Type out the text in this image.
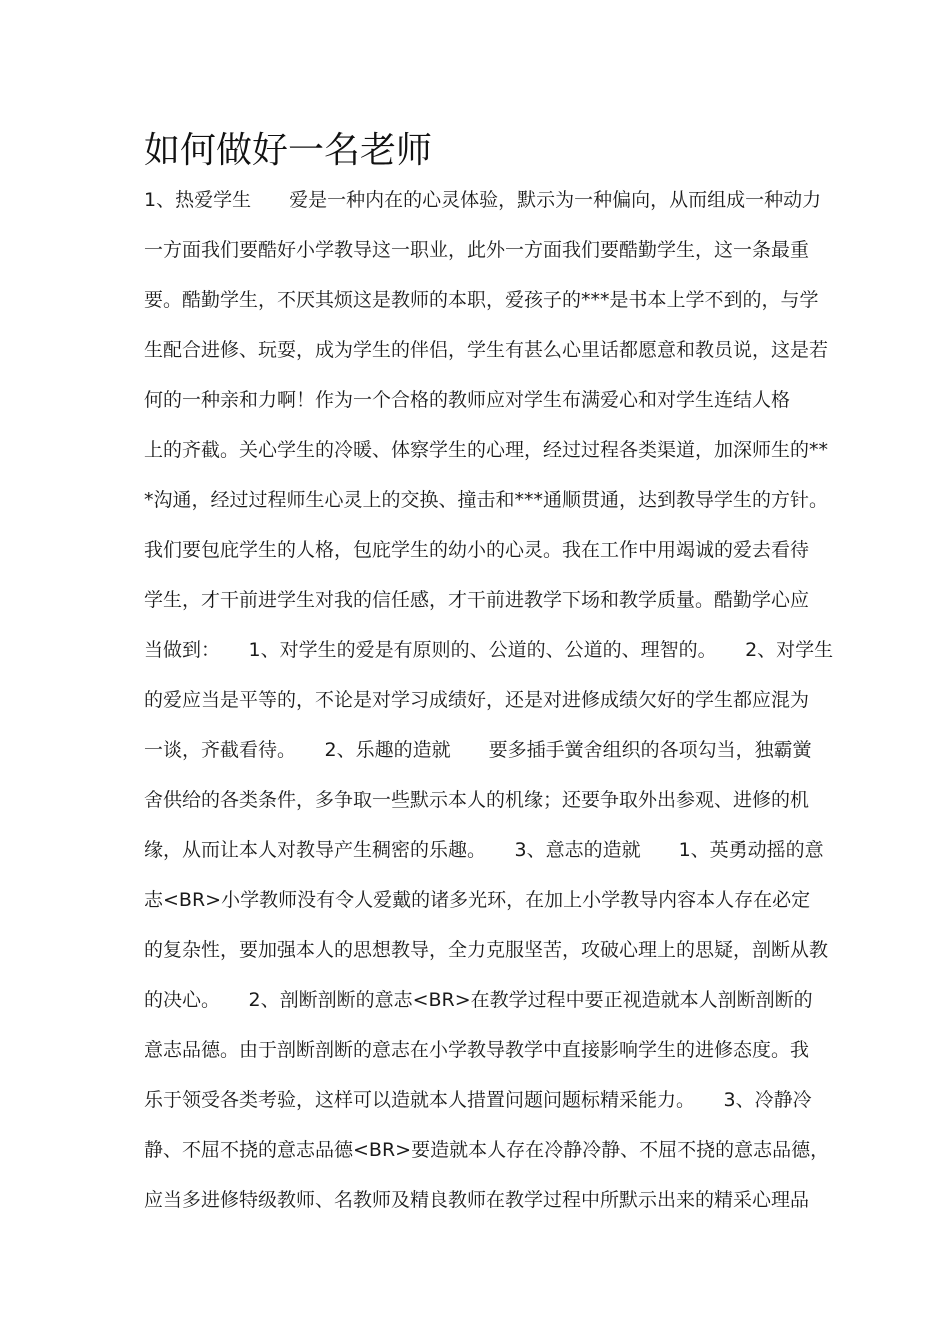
如何做好一名老师
1、热爱学生　　爱是一种内在的心灵体验，默示为一种偏向，从而组成一种动力
一方面我们要酷好小学教导这一职业，此外一方面我们要酷勤学生，这一条最重
要。酷勤学生，不厌其烦这是教师的本职，爱孩子的***是书本上学不到的，与学
生配合进修、玩耍，成为学生的伴侣，学生有甚么心里话都愿意和教员说，这是若
何的一种亲和力啊！作为一个合格的教师应对学生布满爱心和对学生连结人格
上的齐截。关心学生的冷暖、体察学生的心理，经过过程各类渠道，加深师生的**
*沟通，经过过程师生心灵上的交换、撞击和***通顺贯通，达到教导学生的方针。
我们要包庇学生的人格，包庇学生的幼小的心灵。我在工作中用竭诚的爱去看待
学生，才干前进学生对我的信任感，才干前进教学下场和教学质量。酷勤学心应
当做到：　　1、对学生的爱是有原则的、公道的、公道的、理智的。　　2、对学生
的爱应当是平等的，不论是对学习成绩好，还是对进修成绩欠好的学生都应混为
一谈，齐截看待。　　2、乐趣的造就　　要多插手黉舍组织的各项勾当，独霸黉
舍供给的各类条件，多争取一些默示本人的机缘；还要争取外出参观、进修的机
缘，从而让本人对教导产生稠密的乐趣。　　3、意志的造就　　1、英勇动摇的意
志<BR>小学教师没有令人爱戴的诸多光环，在加上小学教导内容本人存在必定
的复杂性，要加强本人的思想教导，全力克服坚苦，攻破心理上的思疑，剖断从教
的决心。　　2、剖断剖断的意志<BR>在教学过程中要正视造就本人剖断剖断的
意志品德。由于剖断剖断的意志在小学教导教学中直接影响学生的进修态度。我
乐于领受各类考验，这样可以造就本人措置问题问题标精采能力。　　3、冷静冷
静、不屈不挠的意志品德<BR>要造就本人存在冷静冷静、不屈不挠的意志品德，
应当多进修特级教师、名教师及精良教师在教学过程中所默示出来的精采心理品
